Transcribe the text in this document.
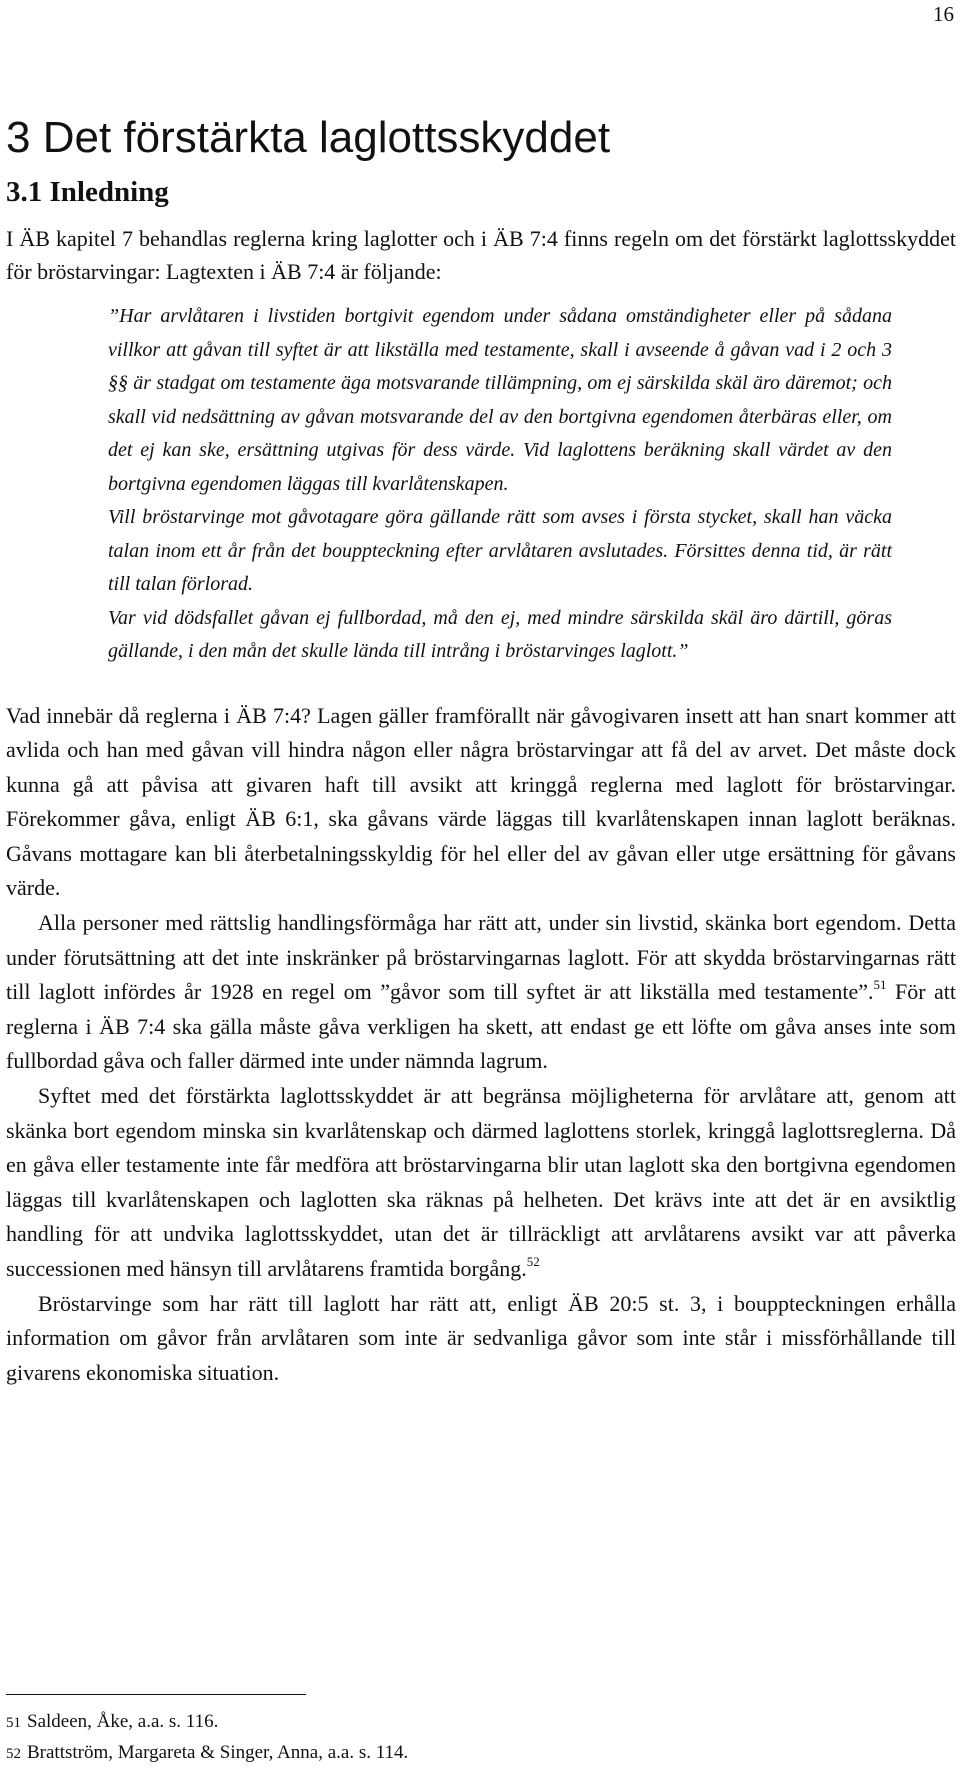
16
3 Det förstärkta laglottsskyddet
3.1 Inledning

I ÄB kapitel 7 behandlas reglerna kring laglotter och i ÄB 7:4 finns regeln om det förstärkt laglottsskyddet för bröstarvingar: Lagtexten i ÄB 7:4 är följande:

”Har arvlåtaren i livstiden bortgivit egendom under sådana omständigheter eller på sådana villkor att gåvan till syftet är att likställa med testamente, skall i avseende å gåvan vad i 2 och 3 §§ är stadgat om testamente äga motsvarande tillämpning, om ej särskilda skäl äro däremot; och skall vid nedsättning av gåvan motsvarande del av den bortgivna egendomen återbäras eller, om det ej kan ske, ersättning utgivas för dess värde. Vid laglottens beräkning skall värdet av den bortgivna egendomen läggas till kvarlåtenskapen.

Vill bröstarvinge mot gåvotagare göra gällande rätt som avses i första stycket, skall han väcka talan inom ett år från det bouppteckning efter arvlåtaren avslutades. Försittes denna tid, är rätt till talan förlorad.

Var vid dödsfallet gåvan ej fullbordad, må den ej, med mindre särskilda skäl äro därtill, göras gällande, i den mån det skulle lända till intrång i bröstarvinges laglott.”

Vad innebär då reglerna i ÄB 7:4? Lagen gäller framförallt när gåvogivaren insett att han snart kommer att avlida och han med gåvan vill hindra någon eller några bröstarvingar att få del av arvet. Det måste dock kunna gå att påvisa att givaren haft till avsikt att kringgå reglerna med laglott för bröstarvingar. Förekommer gåva, enligt ÄB 6:1, ska gåvans värde läggas till kvarlåtenskapen innan laglott beräknas. Gåvans mottagare kan bli återbetalningsskyldig för hel eller del av gåvan eller utge ersättning för gåvans värde.

Alla personer med rättslig handlingsförmåga har rätt att, under sin livstid, skänka bort egendom. Detta under förutsättning att det inte inskränker på bröstarvingarnas laglott. För att skydda bröstarvingarnas rätt till laglott infördes år 1928 en regel om ”gåvor som till syftet är att likställa med testamente”.$^{51}$ För att reglerna i ÄB 7:4 ska gälla måste gåva verkligen ha skett, att endast ge ett löfte om gåva anses inte som fullbordad gåva och faller därmed inte under nämnda lagrum.

Syftet med det förstärkta laglottsskyddet är att begränsa möjligheterna för arvlåtare att, genom att skänka bort egendom minska sin kvarlåtenskap och därmed laglottens storlek, kringgå laglottsreglerna. Då en gåva eller testamente inte får medföra att bröstarvingarna blir utan laglott ska den bortgivna egendomen läggas till kvarlåtenskapen och laglotten ska räknas på helheten. Det krävs inte att det är en avsiktlig handling för att undvika laglottsskyddet, utan det är tillräckligt att arvlåtarens avsikt var att påverka successionen med hänsyn till arvlåtarens framtida borgång.$^{52}$

Bröstarvinge som har rätt till laglott har rätt att, enligt ÄB 20:5 st. 3, i bouppteckningen erhålla information om gåvor från arvlåtaren som inte är sedvanliga gåvor som inte står i missförhållande till givarens ekonomiska situation.

51 Saldeen, Åke, a.a. s. 116.

52 Brattström, Margareta & Singer, Anna, a.a. s. 114.
